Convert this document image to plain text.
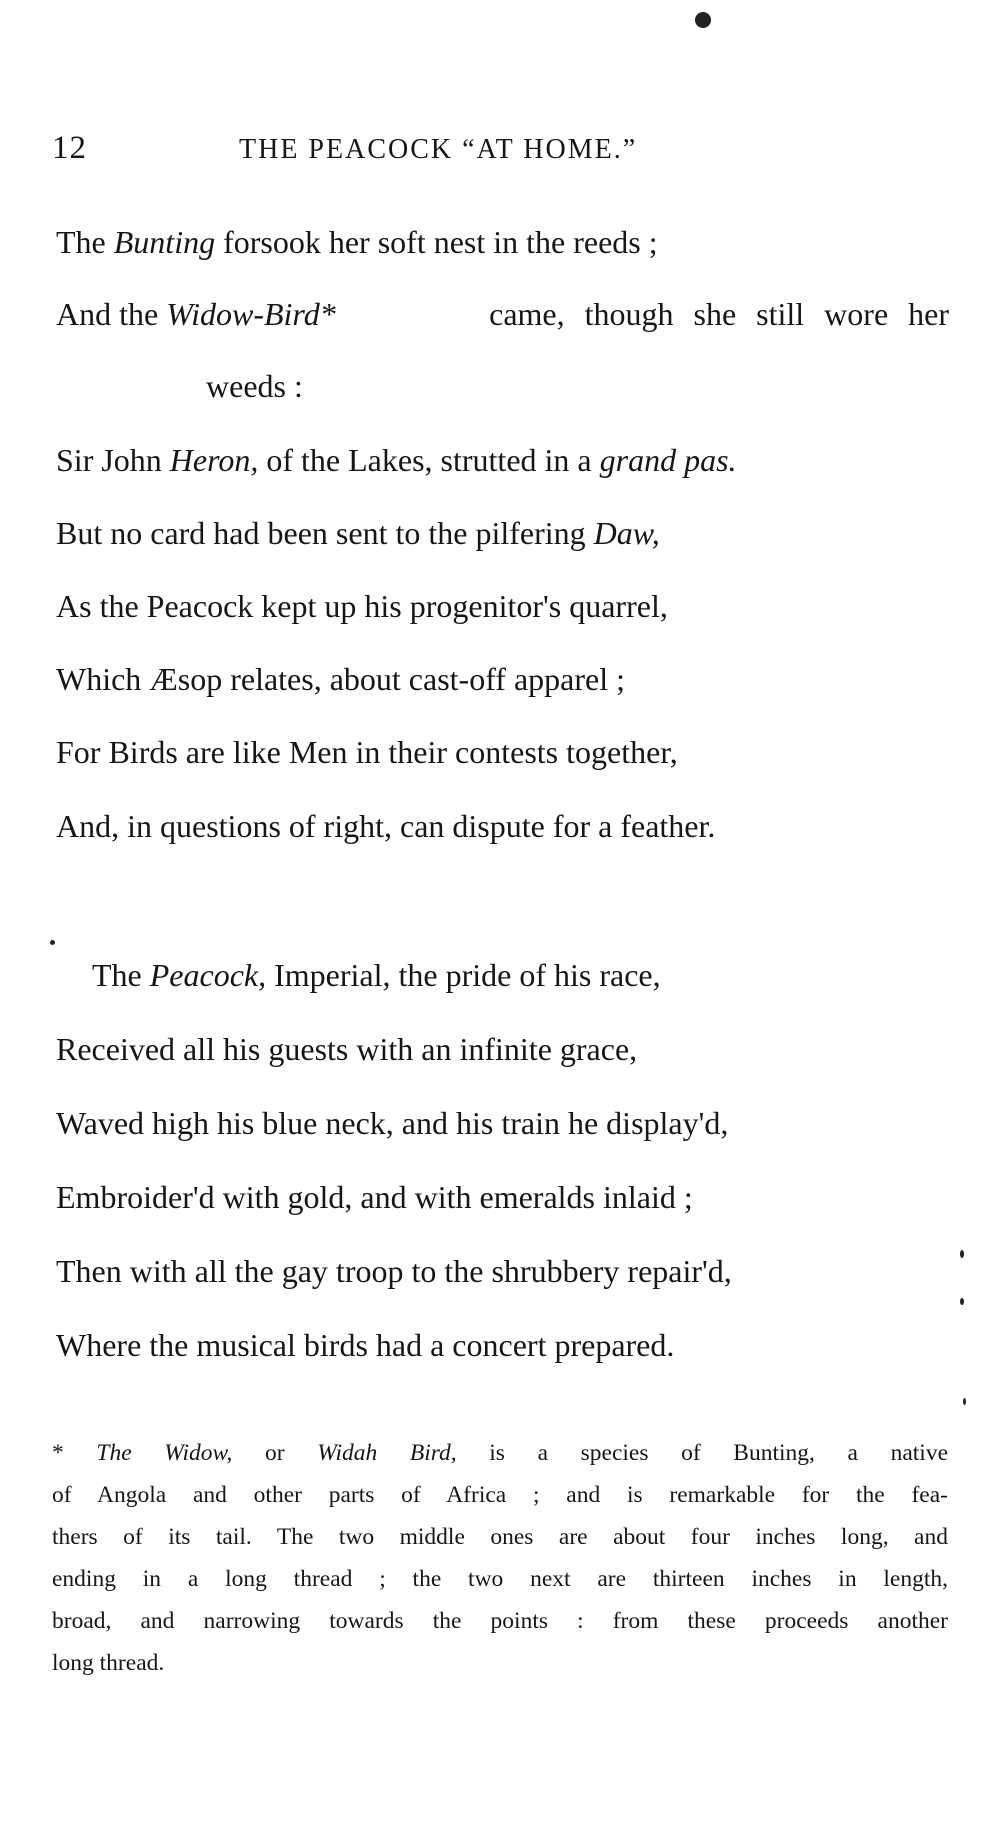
12	THE PEACOCK “AT HOME.”
The Bunting forsook her soft nest in the reeds ;
And the Widow-Bird*	came, though she still wore her
weeds :
Sir John Heron, of the Lakes, strutted in a grand pas.
But no card had been sent to the pilfering Daw,
As the Peacock kept up his progenitor's quarrel,
Which Æsop relates, about cast-off apparel ;
For Birds are like Men in their contests together,
And, in questions of right, can dispute for a feather.
The Peacock, Imperial, the pride of his race,
Received all his guests with an infinite grace,
Waved high his blue neck, and his train he display'd,
Embroider'd with gold, and with emeralds inlaid ;
Then with all the gay troop to the shrubbery repair'd,
Where the musical birds had a concert prepared.
* The Widow, or Widah Bird, is a species of Bunting, a native
of Angola and other parts of Africa ; and is remarkable for the fea-
thers of its tail. The two middle ones are about four inches long, and
ending in a long thread ; the two next are thirteen inches in length,
broad, and narrowing towards the points : from these proceeds another
long thread.
